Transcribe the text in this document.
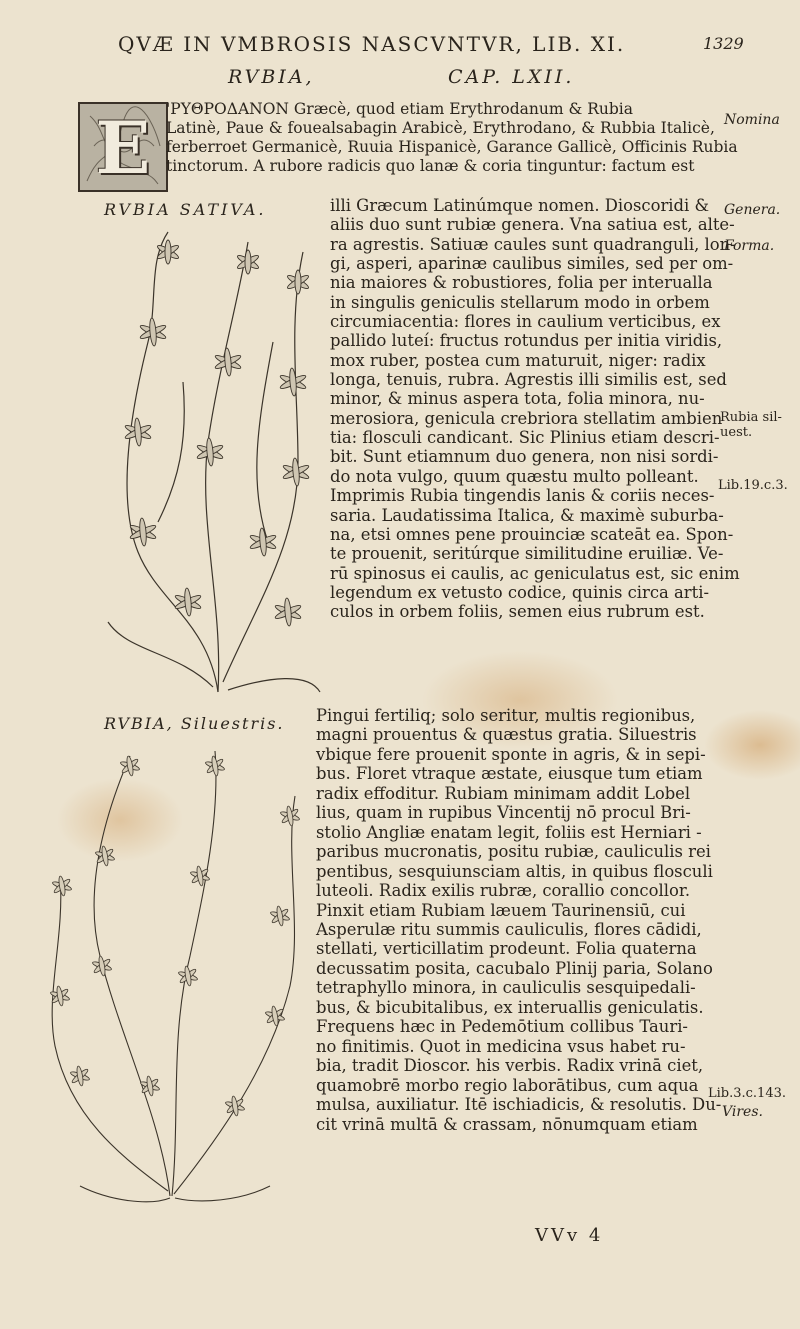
QVÆ IN VMBROSIS NASCVNTVR, LIB. XI.	1329
RVBIA,	CAP. LXII.
E 'ΡΥΘΡΟΔΑΝΟΝ Græcè, quod etiam Erythrodanum & Rubia
Latinè, Paue & fouealsabagin Arabicè, Erythrodano, & Rubbia Italicè,
ferberroet Germanicè, Ruuia Hispanicè, Garance Gallicè, Officinis Rubia
tinctorum. A rubore radicis quo lanæ & coria tinguntur: factum est
RVBIA SATIVA.	illi Græcum Latinúmque nomen. Dioscoridi &
aliis duo sunt rubiæ genera. Vna satiua est, alte-
ra agrestis. Satiuæ caules sunt quadranguli, lon-
gi, asperi, aparinæ caulibus similes, sed per om-
nia maiores & robustiores, folia per interualla
in singulis geniculis stellarum modo in orbem
circumiacentia: flores in caulium verticibus, ex
pallido luteí: fructus rotundus per initia viridis,
mox ruber, postea cum maturuit, niger: radix
longa, tenuis, rubra. Agrestis illi similis est, sed
minor, & minus aspera tota, folia minora, nu-
merosiora, genicula crebriora stellatim ambien
tia: flosculi candicant. Sic Plinius etiam descri-
bit. Sunt etiamnum duo genera, non nisi sordi-
do nota vulgo, quum quæstu multo polleant.
Imprimis Rubia tingendis lanis & coriis neces-
saria. Laudatissima Italica, & maximè suburba-
na, etsi omnes pene prouinciæ scateāt ea. Spon-
te prouenit, seritúrque similitudine eruiliæ. Ve-
rū spinosus ei caulis, ac geniculatus est, sic enim
legendum ex vetusto codice, quinis circa arti-
culos in orbem foliis, semen eius rubrum est.
RVBIA, Siluestris. Pingui fertiliq; solo seritur, multis regionibus,
magni prouentus & quæstus gratia. Siluestris
vbique fere prouenit sponte in agris, & in sepi-
bus. Floret vtraque æstate, eiusque tum etiam
radix effoditur. Rubiam minimam addit Lobel
lius, quam in rupibus Vincentij nō procul Bri-
stolio Angliæ enatam legit, foliis est Herniari -
paribus mucronatis, positu rubiæ, cauliculis rei
pentibus, sesquiunsciam altis, in quibus flosculi
luteoli. Radix exilis rubræ, corallio concollor.
Pinxit etiam Rubiam læuem Taurinensiū, cui
Asperulæ ritu summis cauliculis, flores cādidi,
stellati, verticillatim prodeunt. Folia quaterna
decussatim posita, cacubalo Plinij paria, Solano
tetraphyllo minora, in cauliculis sesquipedali-
bus, & bicubitalibus, ex interuallis geniculatis.
Frequens hæc in Pedemōtium collibus Tauri-
no finitimis. Quot in medicina vsus habet ru-
bia, tradit Dioscor. his verbis. Radix vrinā ciet,
quamobrē morbo regio laborātibus, cum aqua
mulsa, auxiliatur. Itē ischiadicis, & resolutis. Du-
cit vrinā multā & crassam, nōnumquam etiam
Nomina
Genera.
Forma.
Rubia sil-
uest.
Lib.19.c.3.
Lib.3.c.143.
Vires.
VVv 4
